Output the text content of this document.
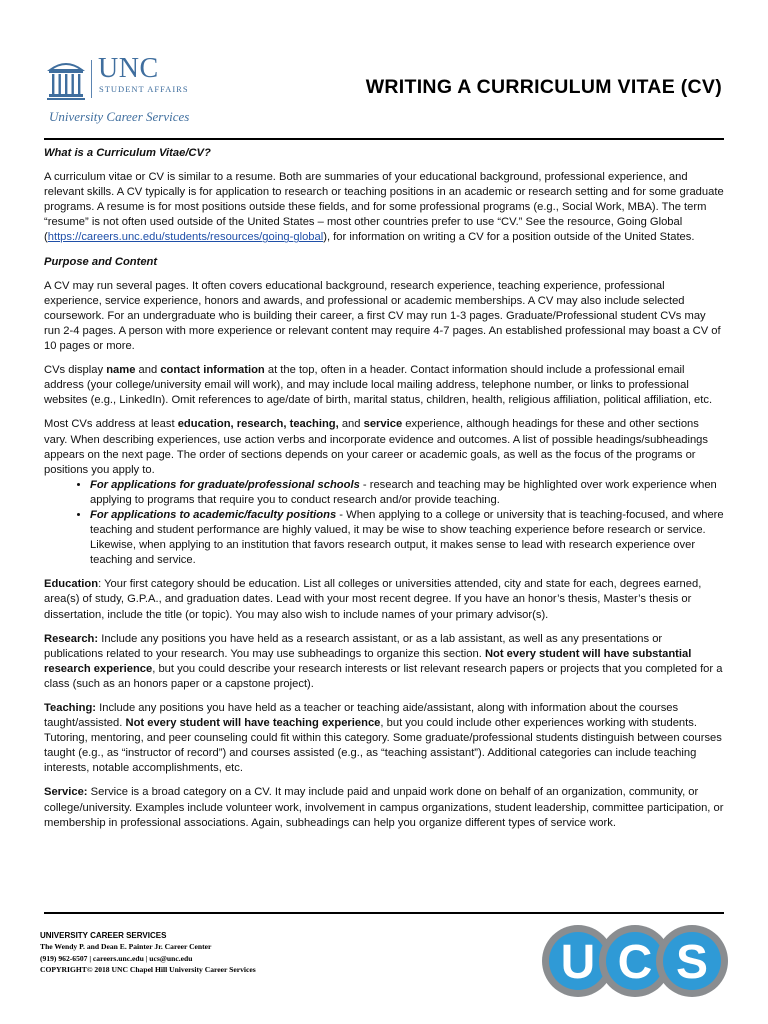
UNC
STUDENT AFFAIRS
University Career Services
WRITING A CURRICULUM VITAE (CV)

What is a Curriculum Vitae/CV?

A curriculum vitae or CV is similar to a resume. Both are summaries of your educational background, professional experience, and relevant skills. A CV typically is for application to research or teaching positions in an academic or research setting and for some graduate programs. A resume is for most positions outside these fields, and for some professional programs (e.g., Social Work, MBA). The term “resume” is not often used outside of the United States – most other countries prefer to use “CV.” See the resource, Going Global (https://careers.unc.edu/students/resources/going-global), for information on writing a CV for a position outside of the United States.

Purpose and Content

A CV may run several pages. It often covers educational background, research experience, teaching experience, professional experience, service experience, honors and awards, and professional or academic memberships. A CV may also include selected coursework. For an undergraduate who is building their career, a first CV may run 1-3 pages. Graduate/Professional student CVs may run 2-4 pages. A person with more experience or relevant content may require 4-7 pages. An established professional may boast a CV of 10 pages or more.

CVs display name and contact information at the top, often in a header. Contact information should include a professional email address (your college/university email will work), and may include local mailing address, telephone number, or links to professional websites (e.g., LinkedIn). Omit references to age/date of birth, marital status, children, health, religious affiliation, political affiliation, etc.

Most CVs address at least education, research, teaching, and service experience, although headings for these and other sections vary. When describing experiences, use action verbs and incorporate evidence and outcomes. A list of possible headings/subheadings appears on the next page. The order of sections depends on your career or academic goals, as well as the focus of the programs or positions you apply to.

• For applications for graduate/professional schools - research and teaching may be highlighted over work experience when applying to programs that require you to conduct research and/or provide teaching.
• For applications to academic/faculty positions - When applying to a college or university that is teaching-focused, and where teaching and student performance are highly valued, it may be wise to show teaching experience before research or service. Likewise, when applying to an institution that favors research output, it makes sense to lead with research experience over teaching and service.

Education: Your first category should be education. List all colleges or universities attended, city and state for each, degrees earned, area(s) of study, G.P.A., and graduation dates. Lead with your most recent degree. If you have an honor’s thesis, Master’s thesis or dissertation, include the title (or topic). You may also wish to include names of your primary advisor(s).

Research: Include any positions you have held as a research assistant, or as a lab assistant, as well as any presentations or publications related to your research. You may use subheadings to organize this section. Not every student will have substantial research experience, but you could describe your research interests or list relevant research papers or projects that you completed for a class (such as an honors paper or a capstone project).

Teaching: Include any positions you have held as a teacher or teaching aide/assistant, along with information about the courses taught/assisted. Not every student will have teaching experience, but you could include other experiences working with students. Tutoring, mentoring, and peer counseling could fit within this category. Some graduate/professional students distinguish between courses taught (e.g., as “instructor of record”) and courses assisted (e.g., as “teaching assistant”). Additional categories can include teaching interests, notable accomplishments, etc.

Service: Service is a broad category on a CV. It may include paid and unpaid work done on behalf of an organization, community, or college/university. Examples include volunteer work, involvement in campus organizations, student leadership, committee participation, or membership in professional associations. Again, subheadings can help you organize different types of service work.

UNIVERSITY CAREER SERVICES
The Wendy P. and Dean E. Painter Jr. Career Center
(919) 962-6507 | careers.unc.edu | ucs@unc.edu
COPYRIGHT© 2018 UNC Chapel Hill University Career Services	U C S
